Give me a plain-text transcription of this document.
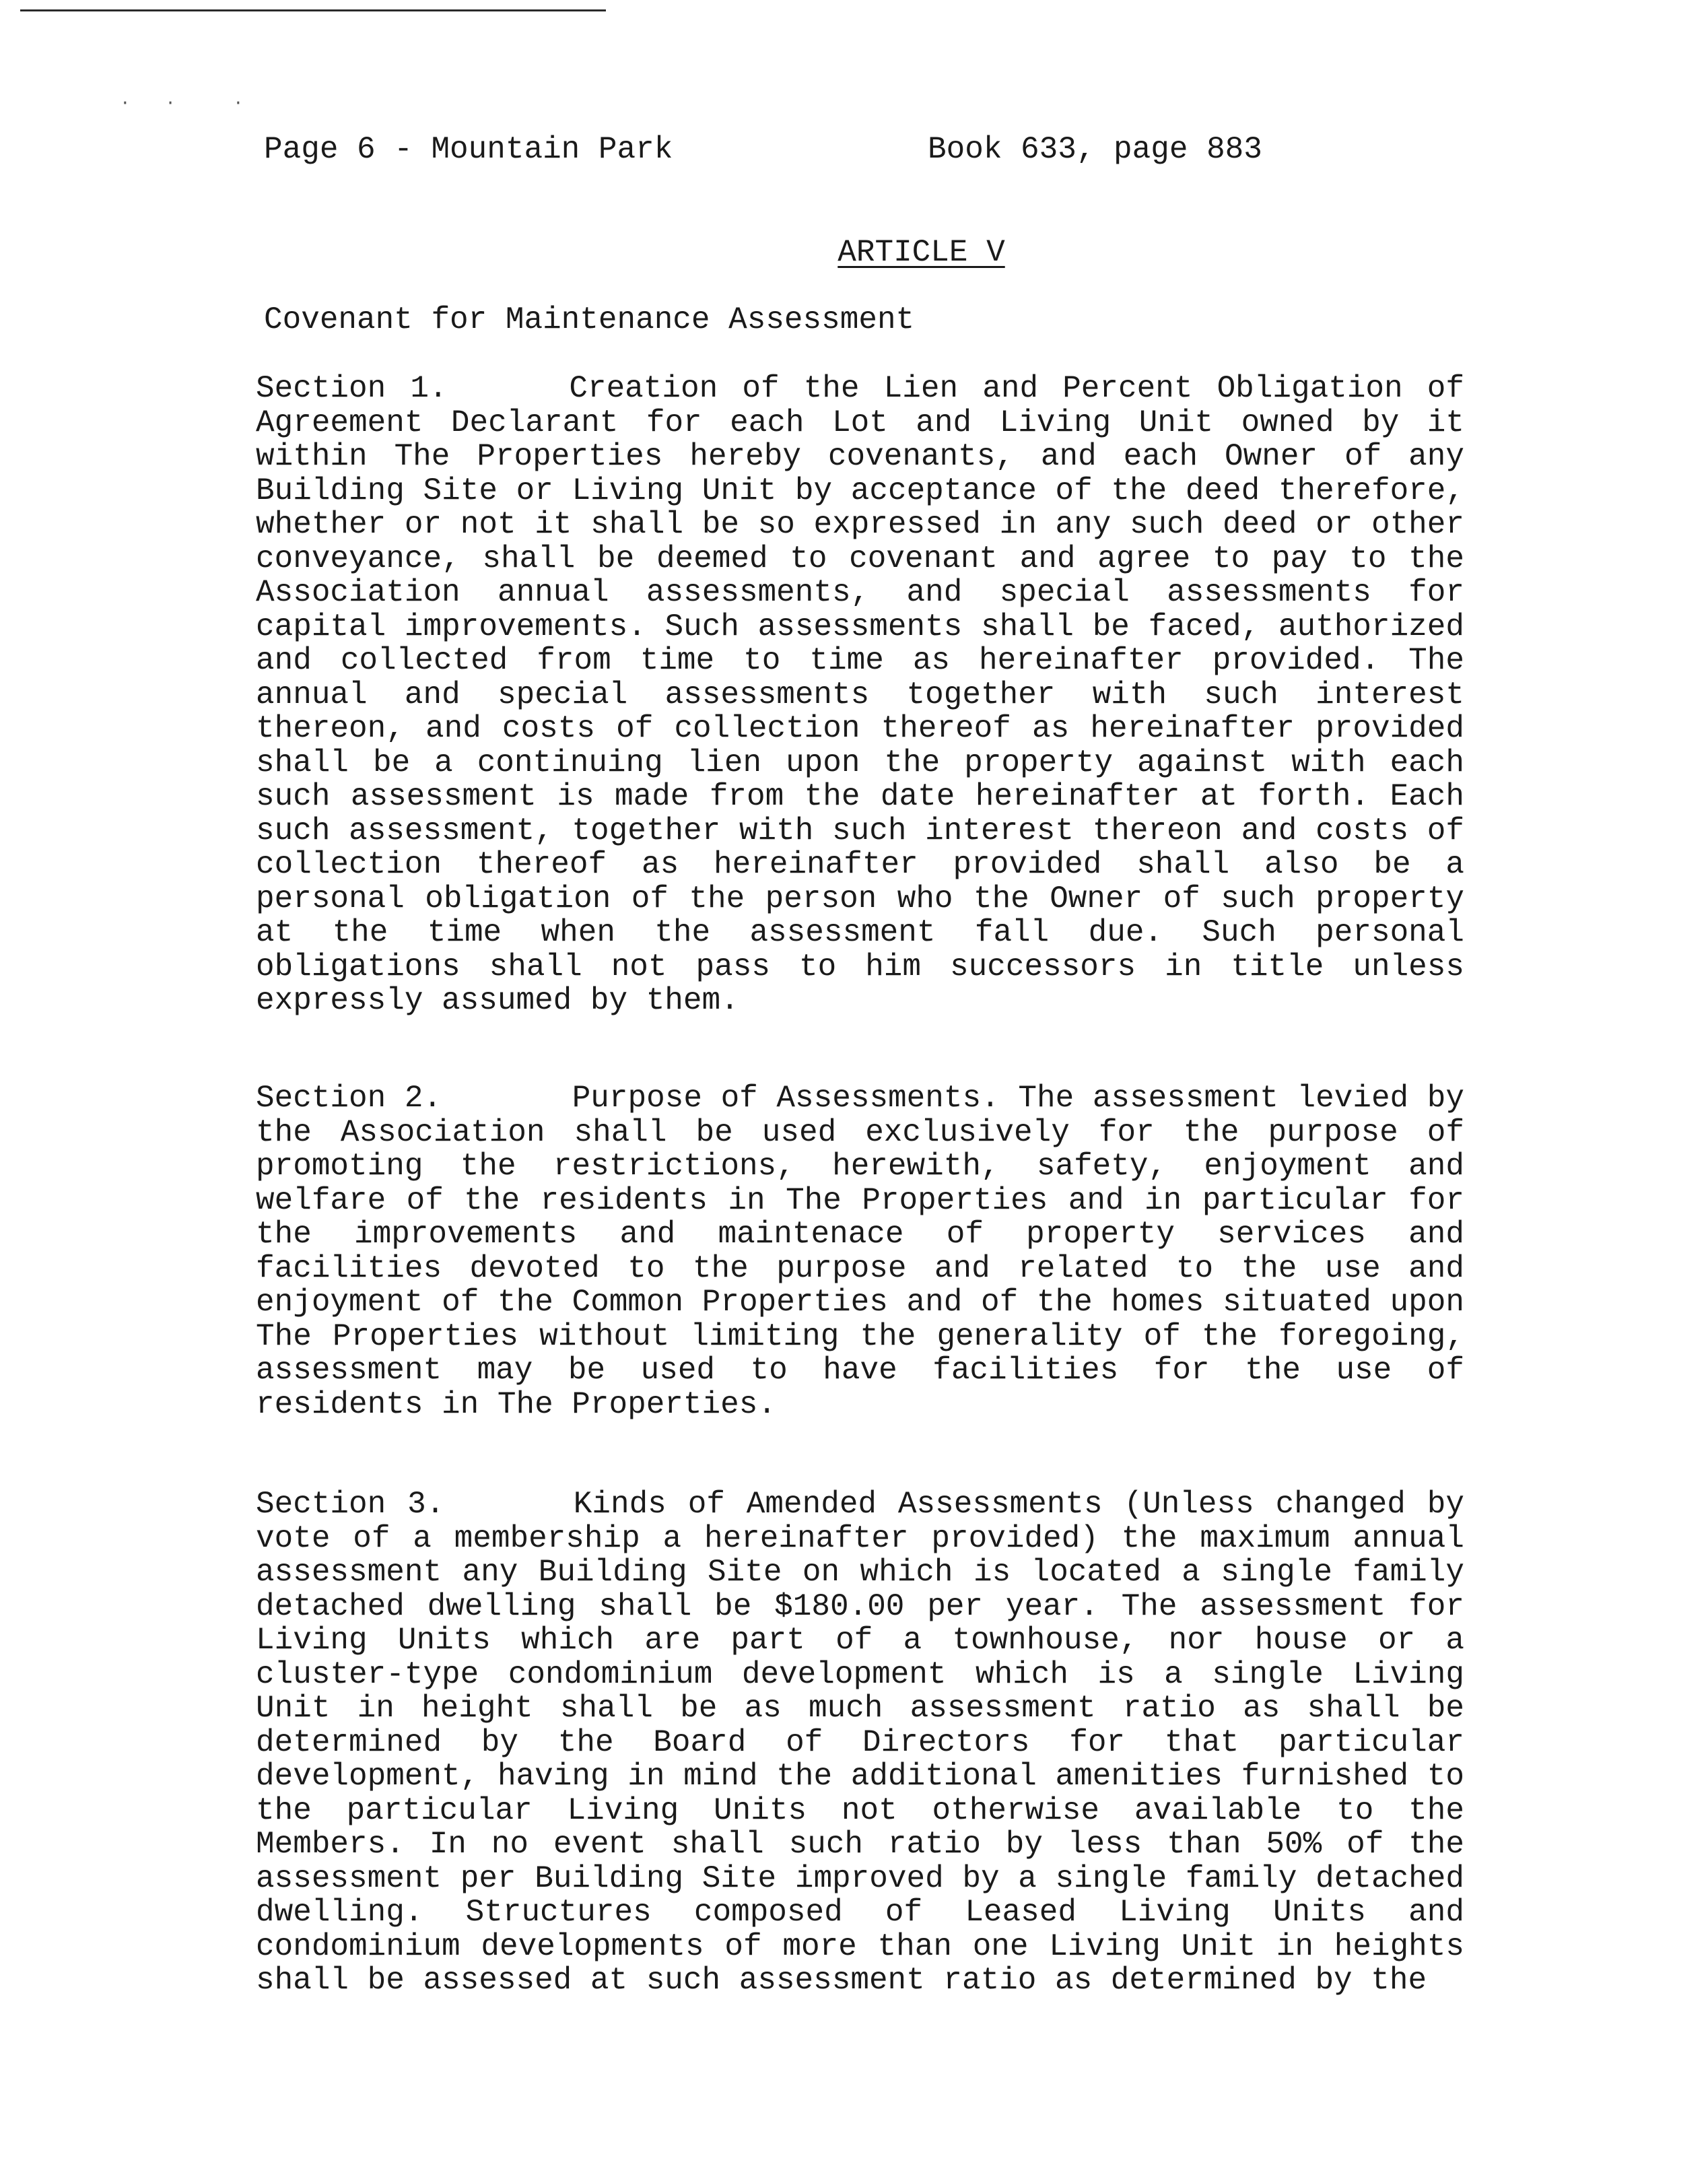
· ·  ·
Page 6 - Mountain Park	Book 633, page 883
ARTICLE V
Covenant for Maintenance Assessment
Section 1.	Creation of the Lien and Percent Obligation of Agreement Declarant for each Lot and Living Unit owned by it within The Properties hereby covenants, and each Owner of any Building Site or Living Unit by acceptance of the deed therefore, whether or not it shall be so expressed in any such deed or other conveyance, shall be deemed to covenant and agree to pay to the Association annual assessments, and special assessments for capital improvements. Such assessments shall be faced, authorized and collected from time to time as hereinafter provided. The annual and special assessments together with such interest thereon, and costs of collection thereof as hereinafter provided shall be a continuing lien upon the property against with each such assessment is made from the date hereinafter at forth. Each such assessment, together with such interest thereon and costs of collection thereof as hereinafter provided shall also be a personal obligation of the person who the Owner of such property at the time when the assessment fall due. Such personal obligations shall not pass to him successors in title unless expressly assumed by them.
Section 2.	Purpose of Assessments. The assessment levied by the Association shall be used exclusively for the purpose of promoting the restrictions, herewith, safety, enjoyment and welfare of the residents in The Properties and in particular for the improvements and maintenace of property services and facilities devoted to the purpose and related to the use and enjoyment of the Common Properties and of the homes situated upon The Properties without limiting the generality of the foregoing, assessment may be used to have facilities for the use of residents in The Properties.
Section 3.	Kinds of Amended Assessments (Unless changed by vote of a membership a hereinafter provided) the maximum annual assessment any Building Site on which is located a single family detached dwelling shall be $180.00 per year. The assessment for Living Units which are part of a townhouse, nor house or a cluster-type condominium development which is a single Living Unit in height shall be as much assessment ratio as shall be determined by the Board of Directors for that particular development, having in mind the additional amenities furnished to the particular Living Units not otherwise available to the Members. In no event shall such ratio by less than 50% of the assessment per Building Site improved by a single family detached dwelling. Structures composed of Leased Living Units and condominium developments of more than one Living Unit in heights shall be assessed at such assessment ratio as determined by the
